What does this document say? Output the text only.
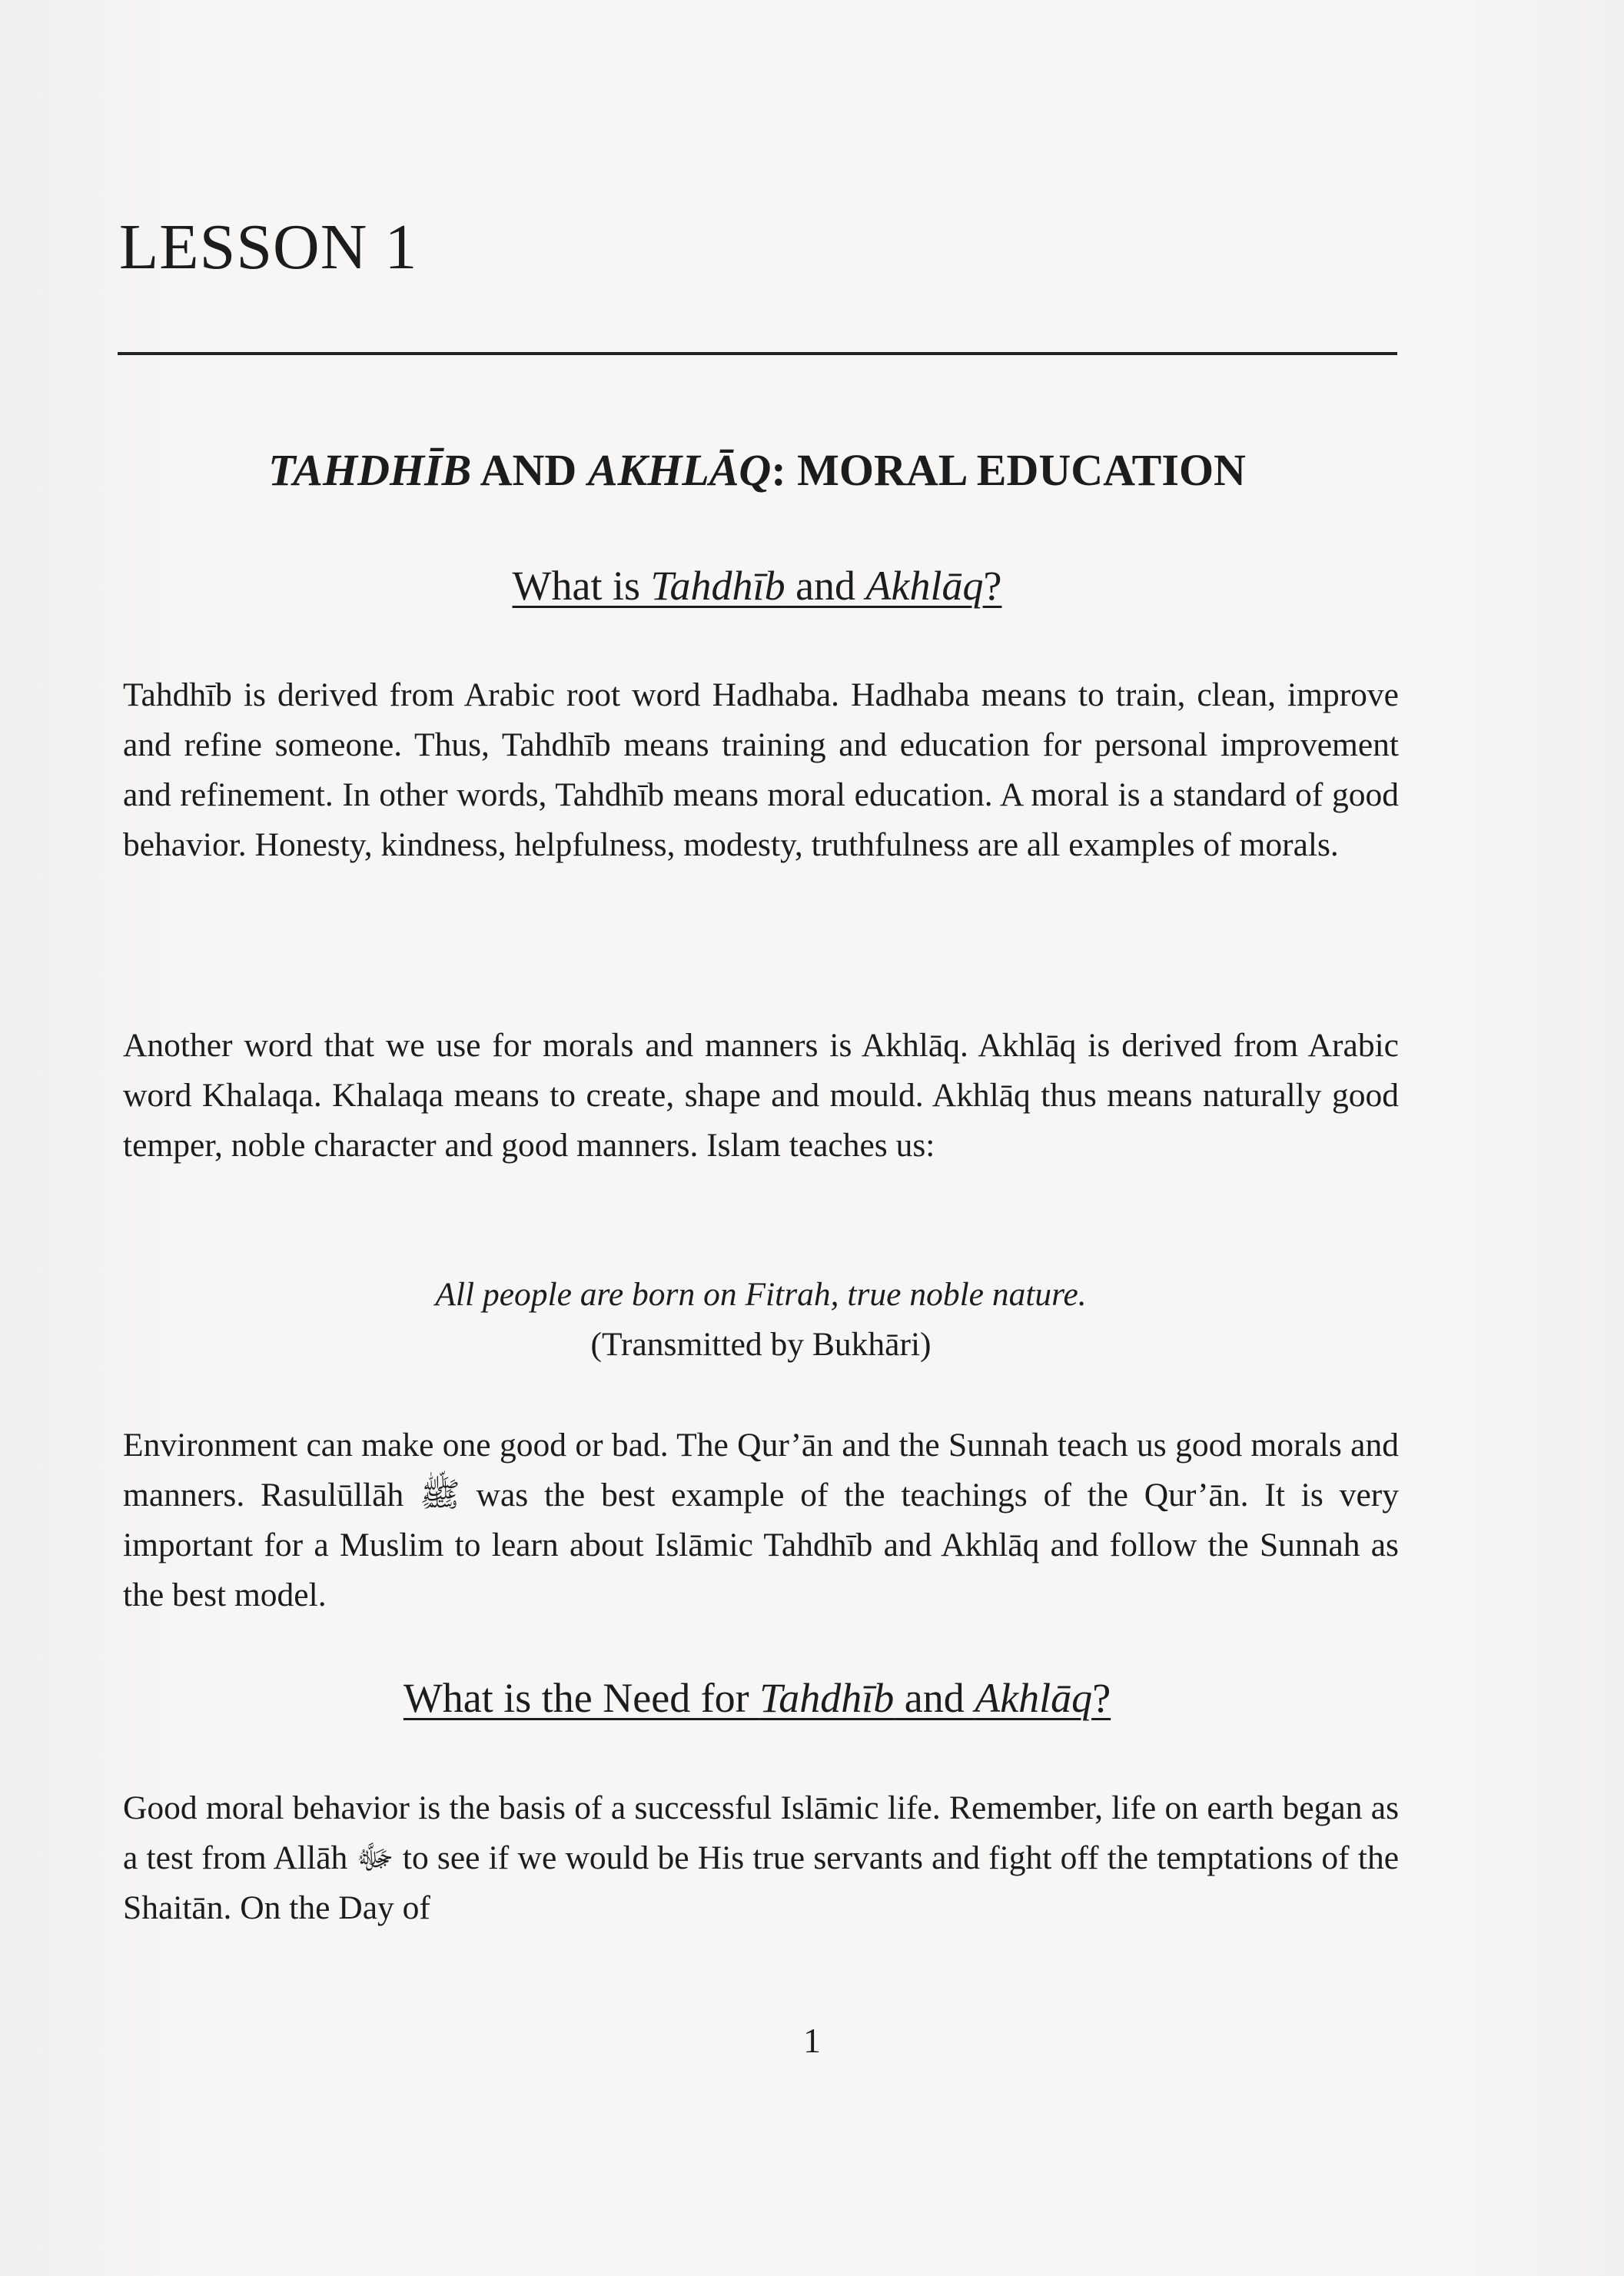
LESSON 1
TAHDHĪB AND AKHLĀQ: MORAL EDUCATION
What is Tahdhīb and Akhlāq?

Tahdhīb is derived from Arabic root word Hadhaba. Hadhaba means to train, clean, improve and refine someone. Thus, Tahdhīb means training and education for personal improvement and refinement. In other words, Tahdhīb means moral education. A moral is a standard of good behavior. Honesty, kindness, helpfulness, modesty, truthfulness are all examples of morals.

Another word that we use for morals and manners is Akhlāq. Akhlāq is derived from Arabic word Khalaqa. Khalaqa means to create, shape and mould. Akhlāq thus means naturally good temper, noble character and good manners. Islam teaches us:

All people are born on Fitrah, true noble nature.

(Transmitted by Bukhāri)

Environment can make one good or bad. The Qur’ān and the Sunnah teach us good morals and manners. Rasulūllāh ﷺ was the best example of the teachings of the Qur’ān. It is very important for a Muslim to learn about Islāmic Tahdhīb and Akhlāq and follow the Sunnah as the best model.

What is the Need for Tahdhīb and Akhlāq?

Good moral behavior is the basis of a successful Islāmic life. Remember, life on earth began as a test from Allāh ﷻ to see if we would be His true servants and fight off the temptations of the Shaitān. On the Day of

1
